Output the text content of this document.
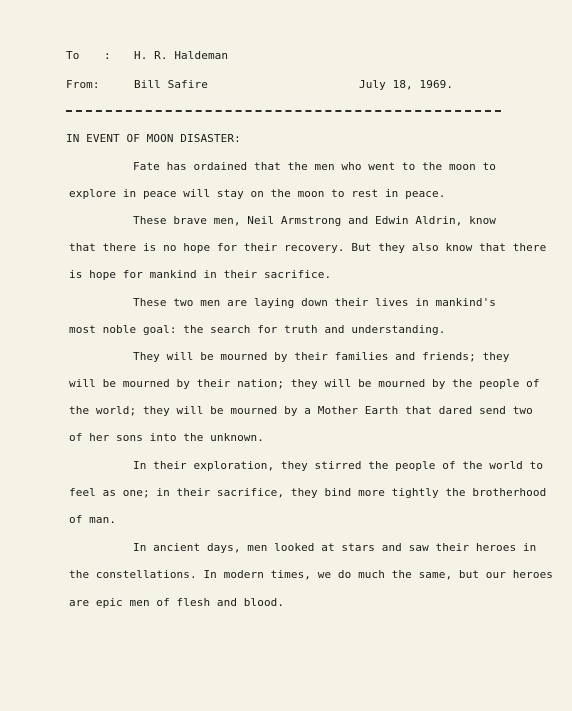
To : H. R. Haldeman
From:	Bill Safire	July 18, 1969.
IN EVENT OF MOON DISASTER:
Fate has ordained that the men who went to the moon to
explore in peace will stay on the moon to rest in peace.
These brave men, Neil Armstrong and Edwin Aldrin, know
that there is no hope for their recovery. But they also know that there
is hope for mankind in their sacrifice.
These two men are laying down their lives in mankind's
most noble goal: the search for truth and understanding.
They will be mourned by their families and friends; they
will be mourned by their nation; they will be mourned by the people of
the world; they will be mourned by a Mother Earth that dared send two
of her sons into the unknown.
In their exploration, they stirred the people of the world to
feel as one; in their sacrifice, they bind more tightly the brotherhood
of man.
In ancient days, men looked at stars and saw their heroes in
the constellations. In modern times, we do much the same, but our heroes
are epic men of flesh and blood.
